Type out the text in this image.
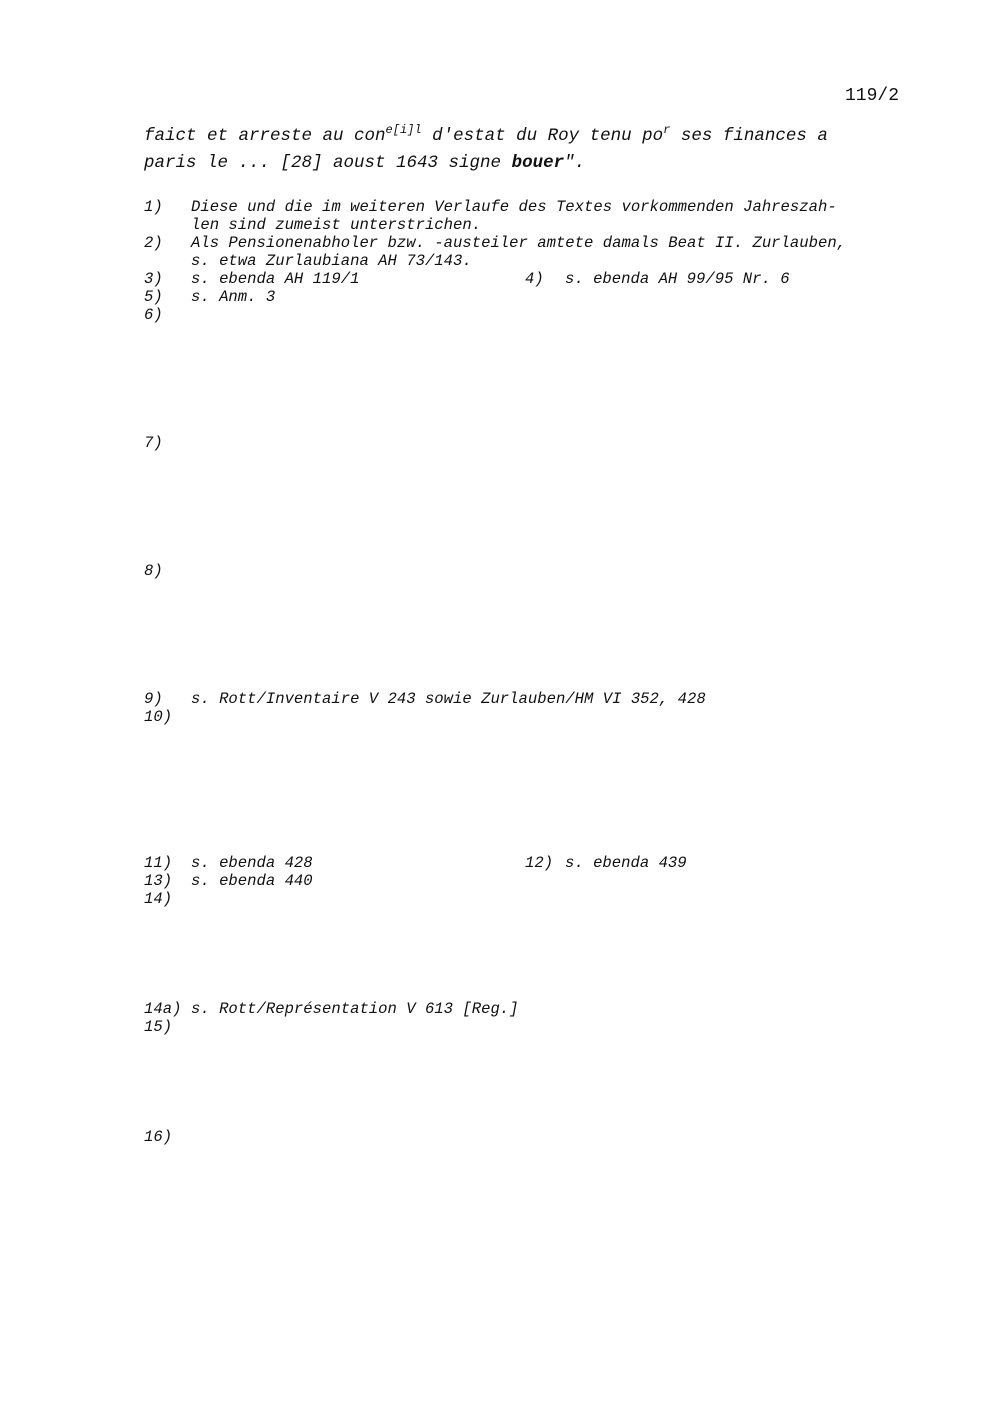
119/2
faict et arreste au con$^{e[i]l}$ d'estat du Roy tenu $po^r$ ses finances a
paris le ... [28] aoust 1643 signe bouer".
1) Diese und die im weiteren Verlaufe des Textes vorkommenden Jahreszah-
len sind zumeist unterstrichen.
2) Als Pensionenabholer bzw. -austeiler amtete damals Beat II. Zurlauben,
s. etwa Zurlaubiana AH 73/143.
3) s. ebenda AH 119/1	4) s. ebenda AH 99/95 Nr. 6
5) s. Anm. 3
6)
7)
8)
9) s. Rott/Inventaire V 243 sowie Zurlauben/HM VI 352, 428
10)
11) s. ebenda 428	12) s. ebenda 439
13) s. ebenda 440
14)
14a) s. Rott/Représentation V 613 [Reg.]
15)
16)
